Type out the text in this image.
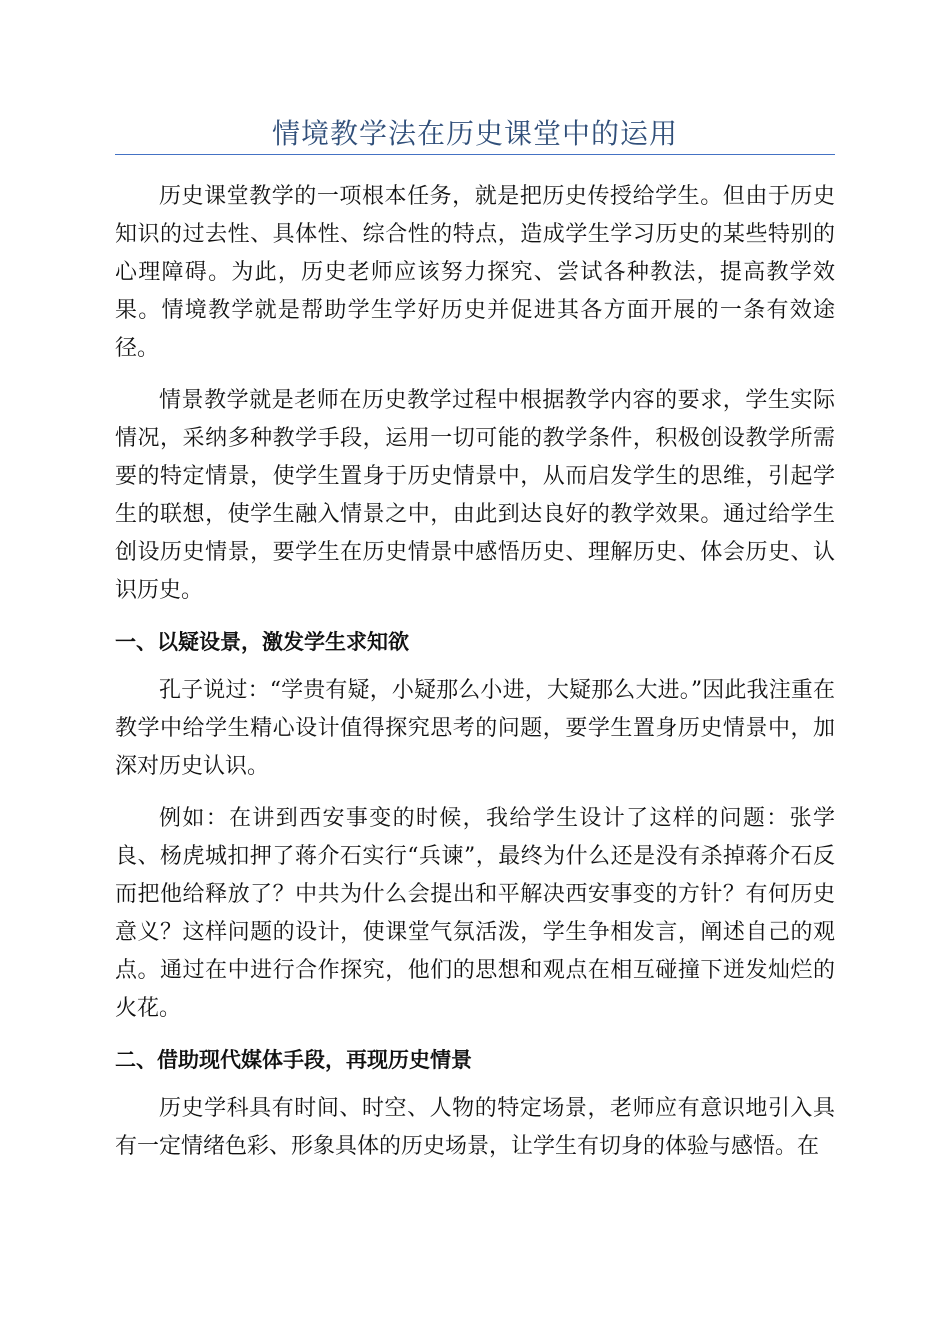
情境教学法在历史课堂中的运用

历史课堂教学的一项根本任务，就是把历史传授给学生。但由于历史知识的过去性、具体性、综合性的特点，造成学生学习历史的某些特别的心理障碍。为此，历史老师应该努力探究、尝试各种教法，提高教学效果。情境教学就是帮助学生学好历史并促进其各方面开展的一条有效途径。

情景教学就是老师在历史教学过程中根据教学内容的要求，学生实际情况，采纳多种教学手段，运用一切可能的教学条件，积极创设教学所需要的特定情景，使学生置身于历史情景中，从而启发学生的思维，引起学生的联想，使学生融入情景之中，由此到达良好的教学效果。通过给学生创设历史情景，要学生在历史情景中感悟历史、理解历史、体会历史、认识历史。

一、以疑设景，激发学生求知欲

孔子说过：“学贵有疑，小疑那么小进，大疑那么大进。”因此我注重在教学中给学生精心设计值得探究思考的问题，要学生置身历史情景中，加深对历史认识。

例如：在讲到西安事变的时候，我给学生设计了这样的问题：张学良、杨虎城扣押了蒋介石实行“兵谏”，最终为什么还是没有杀掉蒋介石反而把他给释放了？中共为什么会提出和平解决西安事变的方针？有何历史意义？这样问题的设计，使课堂气氛活泼，学生争相发言，阐述自己的观点。通过在中进行合作探究，他们的思想和观点在相互碰撞下迸发灿烂的火花。

二、借助现代媒体手段，再现历史情景

历史学科具有时间、时空、人物的特定场景，老师应有意识地引入具有一定情绪色彩、形象具体的历史场景，让学生有切身的体验与感悟。在
